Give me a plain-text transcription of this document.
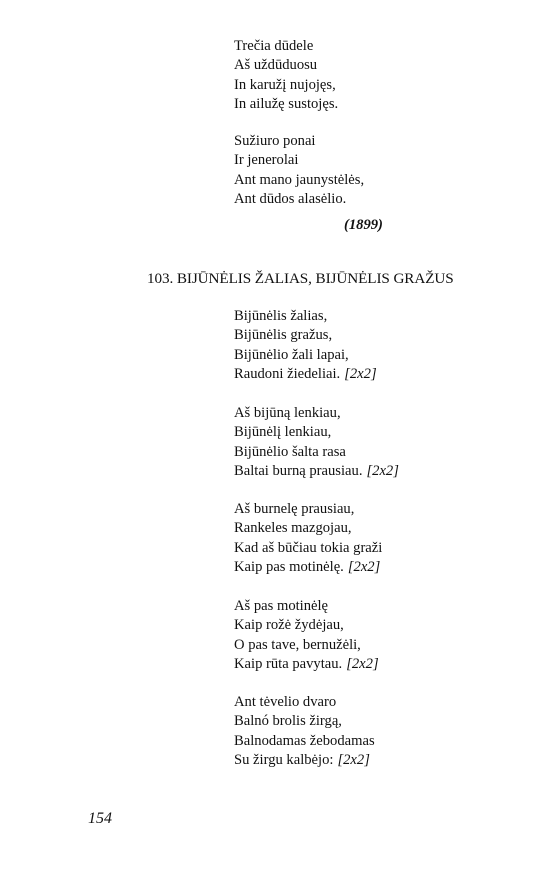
Trečia dūdele
Aš uždūduosu
In karužį nujojęs,
In ailužę sustojęs.
Sužiuro ponai
Ir jenerolai
Ant mano jaunystėlės,
Ant dūdos alasėlio.
(1899)
103. BIJŪNĖLIS ŽALIAS, BIJŪNĖLIS GRAŽUS
Bijūnėlis žalias,
Bijūnėlis gražus,
Bijūnėlio žali lapai,
Raudoni žiedeliai. [2x2]
Aš bijūną lenkiau,
Bijūnėlį lenkiau,
Bijūnėlio šalta rasa
Baltai burną prausiau. [2x2]
Aš burnelę prausiau,
Rankeles mazgojau,
Kad aš būčiau tokia graži
Kaip pas motinėlę. [2x2]
Aš pas motinėlę
Kaip rožė žydėjau,
O pas tave, bernužėli,
Kaip rūta pavytau. [2x2]
Ant tėvelio dvaro
Balnó brolis žirgą,
Balnodamas žebodamas
Su žirgu kalbėjo: [2x2]
154
